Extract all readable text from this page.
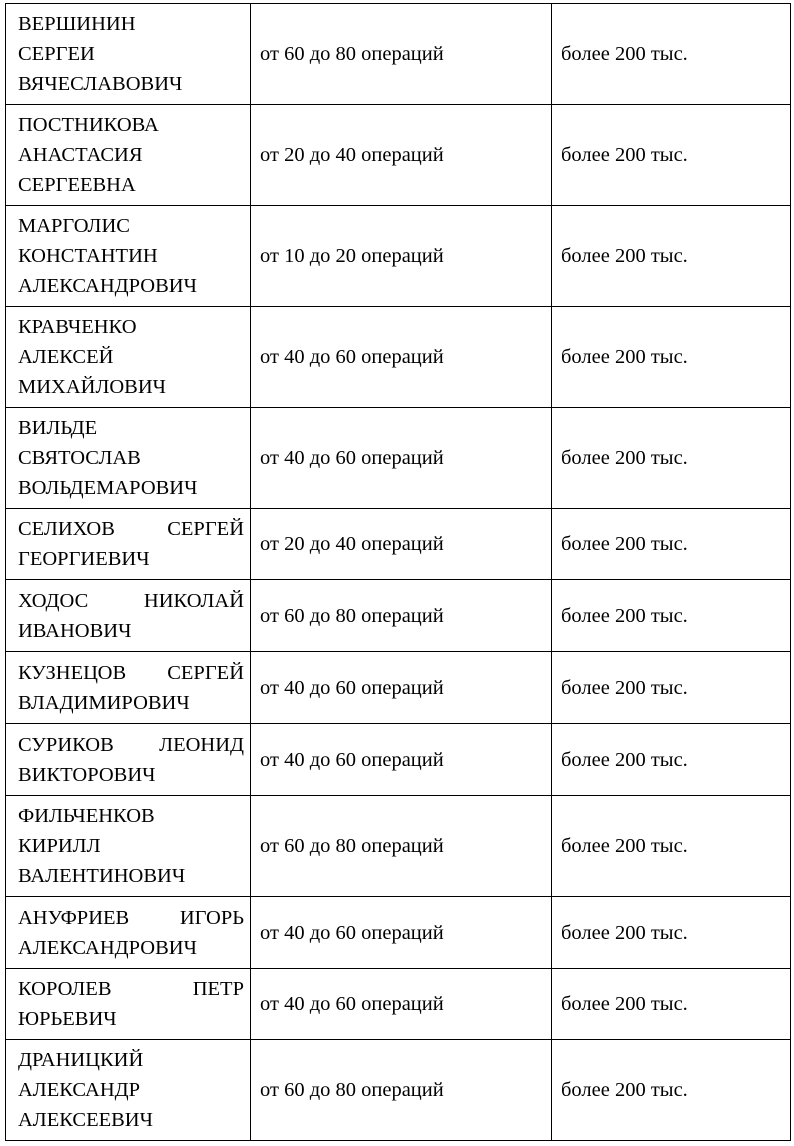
ВЕРШИНИН
СЕРГЕИ
ВЯЧЕСЛАВОВИЧ	от 60 до 80 операций	более 200 тыс.

ПОСТНИКОВА
АНАСТАСИЯ
СЕРГЕЕВНА	от 20 до 40 операций	более 200 тыс.

МАРГОЛИС
КОНСТАНТИН
АЛЕКСАНДРОВИЧ	от 10 до 20 операций	более 200 тыс.

КРАВЧЕНКО
АЛЕКСЕЙ
МИХАЙЛОВИЧ	от 40 до 60 операций	более 200 тыс.

ВИЛЬДЕ
СВЯТОСЛАВ
ВОЛЬДЕМАРОВИЧ	от 40 до 60 операций	более 200 тыс.

СЕЛИХОВ СЕРГЕЙ
ГЕОРГИЕВИЧ	от 20 до 40 операций	более 200 тыс.

ХОДОС НИКОЛАЙ
ИВАНОВИЧ	от 60 до 80 операций	более 200 тыс.

КУЗНЕЦОВ СЕРГЕЙ
ВЛАДИМИРОВИЧ	от 40 до 60 операций	более 200 тыс.

СУРИКОВ ЛЕОНИД
ВИКТОРОВИЧ	от 40 до 60 операций	более 200 тыс.

ФИЛЬЧЕНКОВ
КИРИЛЛ
ВАЛЕНТИНОВИЧ	от 60 до 80 операций	более 200 тыс.

АНУФРИЕВ ИГОРЬ
АЛЕКСАНДРОВИЧ	от 40 до 60 операций	более 200 тыс.

КОРОЛЕВ ПЕТР
ЮРЬЕВИЧ	от 40 до 60 операций	более 200 тыс.

ДРАНИЦКИЙ
АЛЕКСАНДР
АЛЕКСЕЕВИЧ	от 60 до 80 операций	более 200 тыс.
